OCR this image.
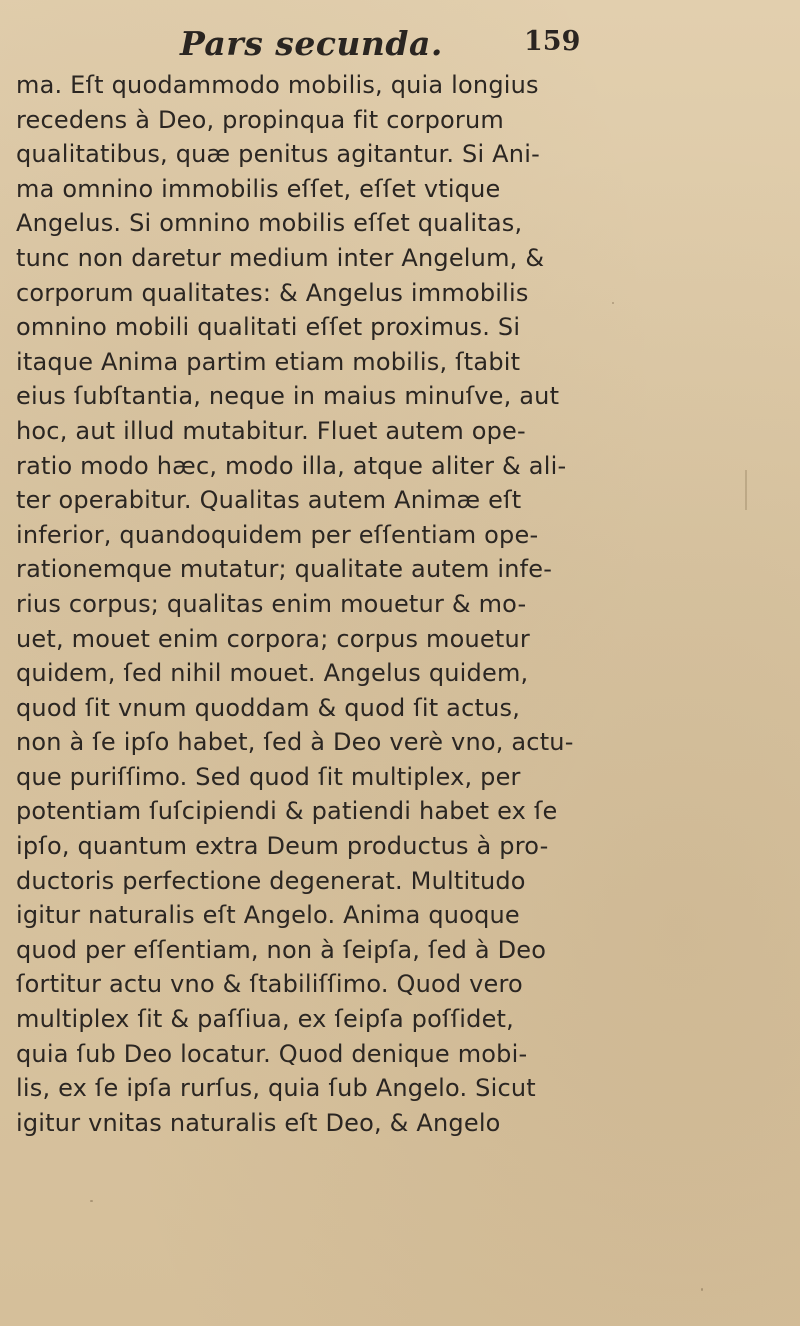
Pars secunda.	159
ma. Eſt quodammodo mobilis, quia longius
recedens à Deo, propinqua fit corporum
qualitatibus, quæ penitus agitantur. Si Ani-
ma omnino immobilis eſſet, eſſet vtique
Angelus. Si omnino mobilis eſſet qualitas,
tunc non daretur medium inter Angelum, &
corporum qualitates: & Angelus immobilis
omnino mobili qualitati eſſet proximus. Si
itaque Anima partim etiam mobilis, ſtabit
eius ſubſtantia, neque in maius minuſve, aut
hoc, aut illud mutabitur. Fluet autem ope-
ratio modo hæc, modo illa, atque aliter & ali-
ter operabitur. Qualitas autem Animæ eſt
inferior, quandoquidem per eſſentiam ope-
rationemque mutatur; qualitate autem infe-
rius corpus; qualitas enim mouetur & mo-
uet, mouet enim corpora; corpus mouetur
quidem, ſed nihil mouet. Angelus quidem,
quod ſit vnum quoddam & quod ſit actus,
non à ſe ipſo habet, ſed à Deo verè vno, actu-
que puriſſimo. Sed quod ſit multiplex, per
potentiam ſuſcipiendi & patiendi habet ex ſe
ipſo, quantum extra Deum productus à pro-
ductoris perfectione degenerat. Multitudo
igitur naturalis eſt Angelo. Anima quoque
quod per eſſentiam, non à ſeipſa, ſed à Deo
ſortitur actu vno & ſtabiliſſimo. Quod vero
multiplex ſit & paſſiua, ex ſeipſa poſſidet,
quia ſub Deo locatur. Quod denique mobi-
lis, ex ſe ipſa rurſus, quia ſub Angelo. Sicut
igitur vnitas naturalis eſt Deo, & Angelo
